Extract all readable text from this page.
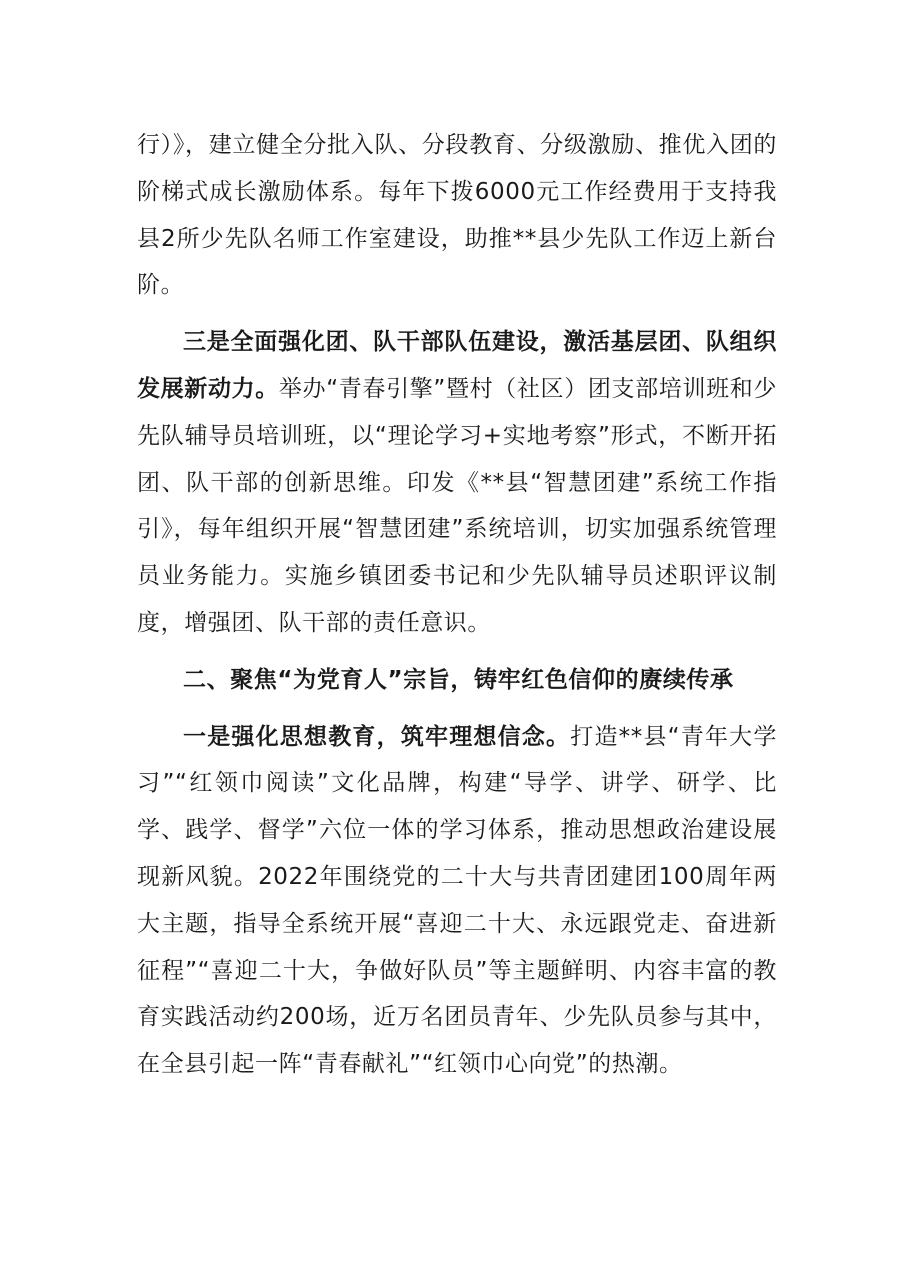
行）》，建立健全分批入队、分段教育、分级激励、推优入团的阶梯式成长激励体系。每年下拨6000元工作经费用于支持我县2所少先队名师工作室建设，助推**县少先队工作迈上新台阶。

三是全面强化团、队干部队伍建设，激活基层团、队组织发展新动力。举办“青春引擎”暨村（社区）团支部培训班和少先队辅导员培训班，以“理论学习+实地考察”形式，不断开拓团、队干部的创新思维。印发《**县“智慧团建”系统工作指引》，每年组织开展“智慧团建”系统培训，切实加强系统管理员业务能力。实施乡镇团委书记和少先队辅导员述职评议制度，增强团、队干部的责任意识。

二、聚焦“为党育人”宗旨，铸牢红色信仰的赓续传承

一是强化思想教育，筑牢理想信念。打造**县“青年大学习”“红领巾阅读”文化品牌，构建“导学、讲学、研学、比学、践学、督学”六位一体的学习体系，推动思想政治建设展现新风貌。2022年围绕党的二十大与共青团建团100周年两大主题，指导全系统开展“喜迎二十大、永远跟党走、奋进新征程”“喜迎二十大，争做好队员”等主题鲜明、内容丰富的教育实践活动约200场，近万名团员青年、少先队员参与其中，在全县引起一阵“青春献礼”“红领巾心向党”的热潮。
